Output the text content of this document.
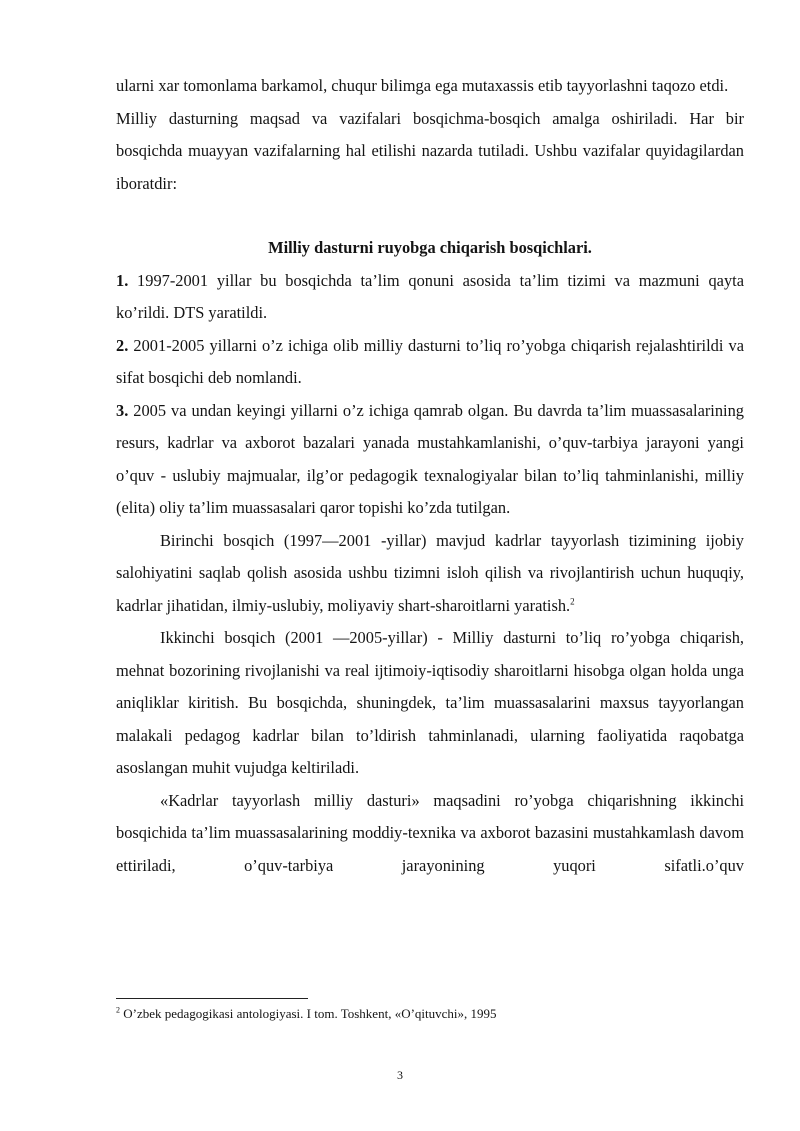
ularni xar tomonlama barkamol, chuqur bilimga ega mutaxassis etib tayyorlashni taqozo etdi.

Milliy dasturning maqsad va vazifalari bosqichma-bosqich amalga oshiriladi. Har bir bosqichda muayyan vazifalarning hal etilishi nazarda tutiladi. Ushbu vazifalar quyidagilardan iboratdir:

Milliy dasturni ruyobga chiqarish bosqichlari.

1. 1997-2001 yillar bu bosqichda ta’lim qonuni asosida ta’lim tizimi va mazmuni qayta ko’rildi. DTS yaratildi.

2. 2001-2005 yillarni o’z ichiga olib milliy dasturni to’liq ro’yobga chiqarish rejalashtirildi va sifat bosqichi deb nomlandi.

3. 2005 va undan keyingi yillarni o’z ichiga qamrab olgan. Bu davrda ta’lim muassasalarining resurs, kadrlar va axborot bazalari yanada mustahkamlanishi, o’quv-tarbiya jarayoni yangi o’quv - uslubiy majmualar, ilg’or pedagogik texnalogiyalar bilan to’liq tahminlanishi, milliy (elita) oliy ta’lim muassasalari qaror topishi ko’zda tutilgan.

Birinchi bosqich (1997—2001 -yillar) mavjud kadrlar tayyorlash tizimining ijobiy salohiyatini saqlab qolish asosida ushbu tizimni isloh qilish va rivojlantirish uchun huquqiy, kadrlar jihatidan, ilmiy-uslubiy, moliyaviy shart-sharoitlarni yaratish.$^2$

Ikkinchi bosqich (2001 —2005-yillar) - Milliy dasturni to’liq ro’yobga chiqarish, mehnat bozorining rivojlanishi va real ijtimoiy-iqtisodiy sharoitlarni hisobga olgan holda unga aniqliklar kiritish. Bu bosqichda, shuningdek, ta’lim muassasalarini maxsus tayyorlangan malakali pedagog kadrlar bilan to’ldirish tahminlanadi, ularning faoliyatida raqobatga asoslangan muhit vujudga keltiriladi.

«Kadrlar tayyorlash milliy dasturi» maqsadini ro’yobga chiqarishning ikkinchi bosqichida ta’lim muassasalarining moddiy-texnika va axborot bazasini mustahkamlash davom ettiriladi, o’quv-tarbiya jarayonining yuqori sifatli.o’quv

$^2$ O’zbek pedagogikasi antologiyasi. I tom. Toshkent, «O’qituvchi», 1995
3
